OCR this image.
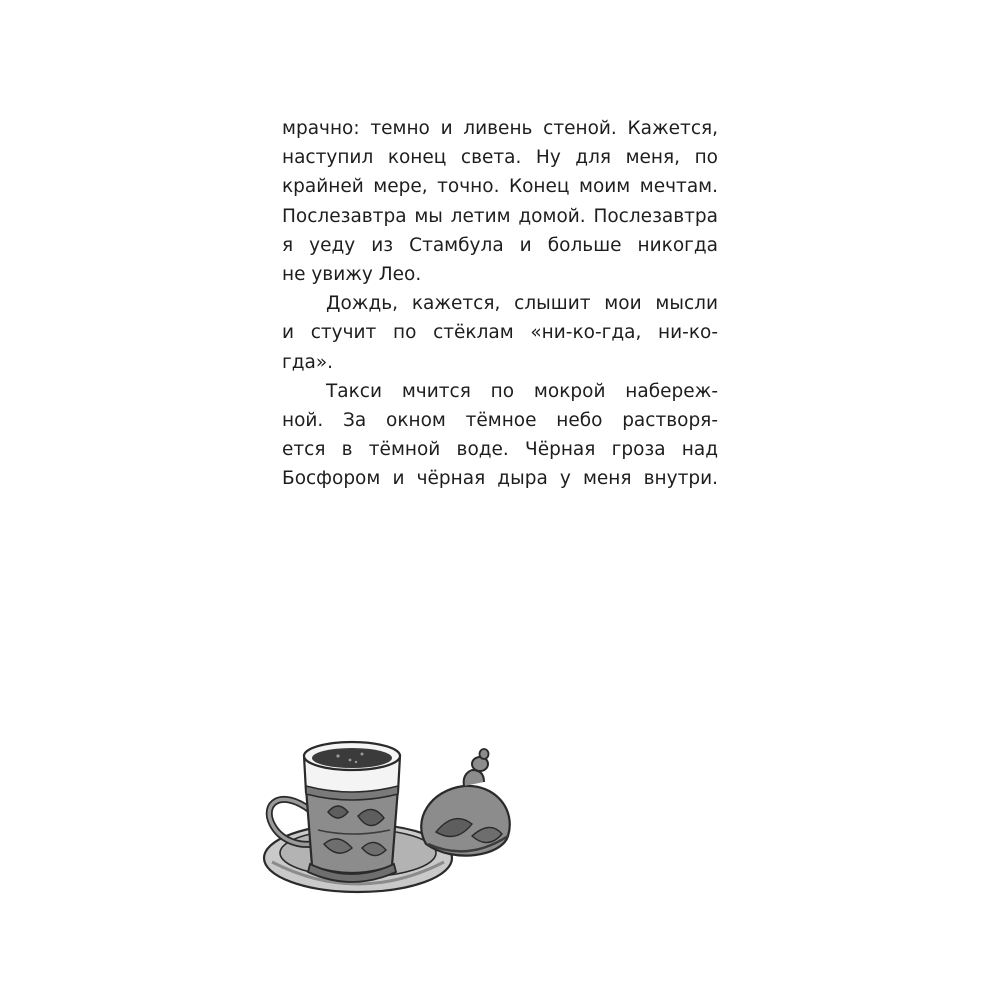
мрачно: темно и ливень стеной. Кажется,
наступил конец света. Ну для меня, по
крайней мере, точно. Конец моим мечтам.
Послезавтра мы летим домой. Послезавтра
я уеду из Стамбула и больше никогда
не увижу Лео.
Дождь, кажется, слышит мои мысли
и стучит по стёклам «ни-ко-гда, ни-ко-
гда».
Такси мчится по мокрой набереж-
ной. За окном тёмное небо растворя-
ется в тёмной воде. Чёрная гроза над
Босфором и чёрная дыра у меня внутри.
